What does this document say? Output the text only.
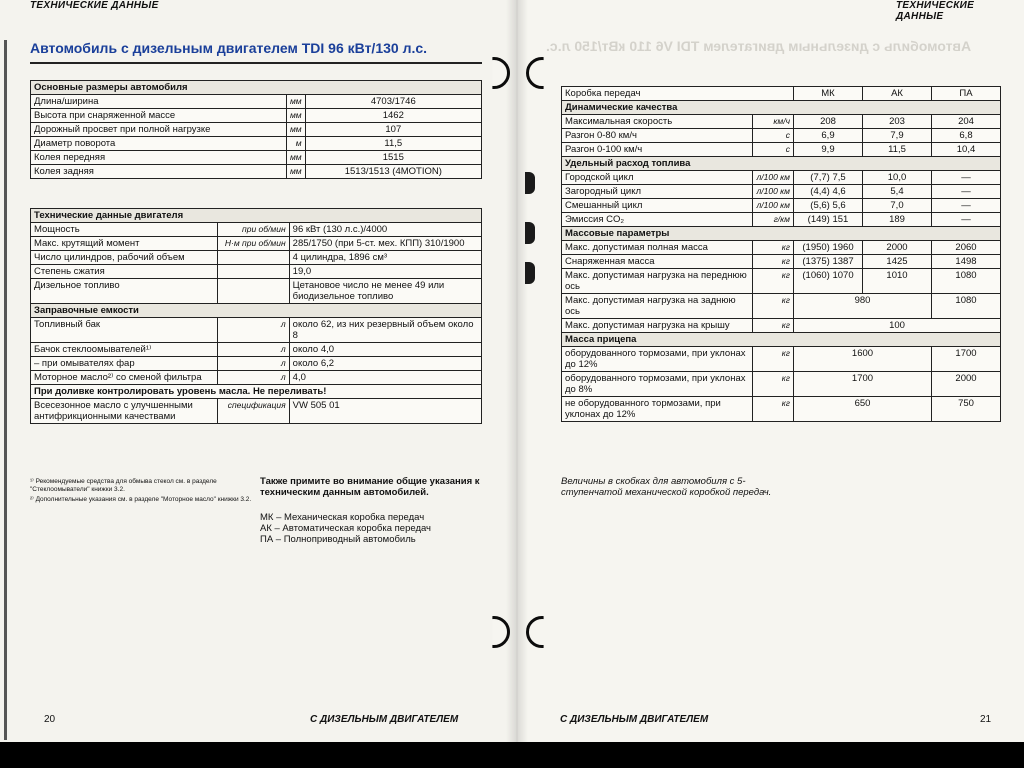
ТЕХНИЧЕСКИЕ ДАННЫЕ
Автомобиль с дизельным двигателем TDI 96 кВт/130 л.с.
Основные размеры автомобиля		
Длина/ширина	мм	4703/1746
Высота при снаряженной массе	мм	1462
Дорожный просвет при полной нагрузке	мм	107
Диаметр поворота	м	11,5
Колея передняя	мм	1515
Колея задняя	мм	1513/1513 (4MOTION)
Технические данные двигателя		
Мощность	при об/мин	96 кВт (130 л.с.)/4000
Макс. крутящий момент	Н·м при об/мин	285/1750 (при 5-ст. мех. КПП) 310/1900
Число цилиндров, рабочий объем		4 цилиндра, 1896 см³
Степень сжатия		19,0
Дизельное топливо		Цетановое число не менее 49 или биодизельное топливо
Заправочные емкости		
Топливный бак	л	около 62, из них резервный объем около 8
Бачок стеклоомывателей¹⁾	л	около 4,0
– при омывателях фар	л	около 6,2
Моторное масло²⁾ со сменой фильтра	л	4,0
При доливке контролировать уровень масла. Не переливать!		
Всесезонное масло с улучшенными антифрикционными качествами	спецификация	VW 505 01
¹⁾ Рекомендуемые средства для обмыва стекол см. в разделе "Стеклоомыватели" книжки 3.2.
²⁾ Дополнительные указания см. в разделе "Моторное масло" книжки 3.2.
Также примите во внимание общие указания к техническим данным автомобилей.
МК – Механическая коробка передач
АК – Автоматическая коробка передач
ПА – Полноприводный автомобиль
20	С ДИЗЕЛЬНЫМ ДВИГАТЕЛЕМ
Автомобиль с дизельным двигателем TDI V6 110 кВт/150 л.с.
ТЕХНИЧЕСКИЕ ДАННЫЕ
Коробка передач		МК	АК	ПА
Динамические качества				
Максимальная скорость	км/ч	208	203	204
Разгон 0-80 км/ч	с	6,9	7,9	6,8
Разгон 0-100 км/ч	с	9,9	11,5	10,4
Удельный расход топлива				
Городской цикл	л/100 км	(7,7) 7,5	10,0	—
Загородный цикл	л/100 км	(4,4) 4,6	5,4	—
Смешанный цикл	л/100 км	(5,6) 5,6	7,0	—
Эмиссия CO₂	г/км	(149) 151	189	—
Массовые параметры				
Макс. допустимая полная масса	кг	(1950) 1960	2000	2060
Снаряженная масса	кг	(1375) 1387	1425	1498
Макс. допустимая нагрузка на переднюю ось	кг	(1060) 1070	1010	1080
Макс. допустимая нагрузка на заднюю ось	кг	980		1080
Макс. допустимая нагрузка на крышу	кг	100		
Масса прицепа				
оборудованного тормозами, при уклонах до 12%	кг	1600		1700
оборудованного тормозами, при уклонах до 8%	кг	1700		2000
не оборудованного тормозами, при уклонах до 12%	кг	650		750
Величины в скобках для автомобиля с 5-ступенчатой механической коробкой передач.
С ДИЗЕЛЬНЫМ ДВИГАТЕЛЕМ	21
